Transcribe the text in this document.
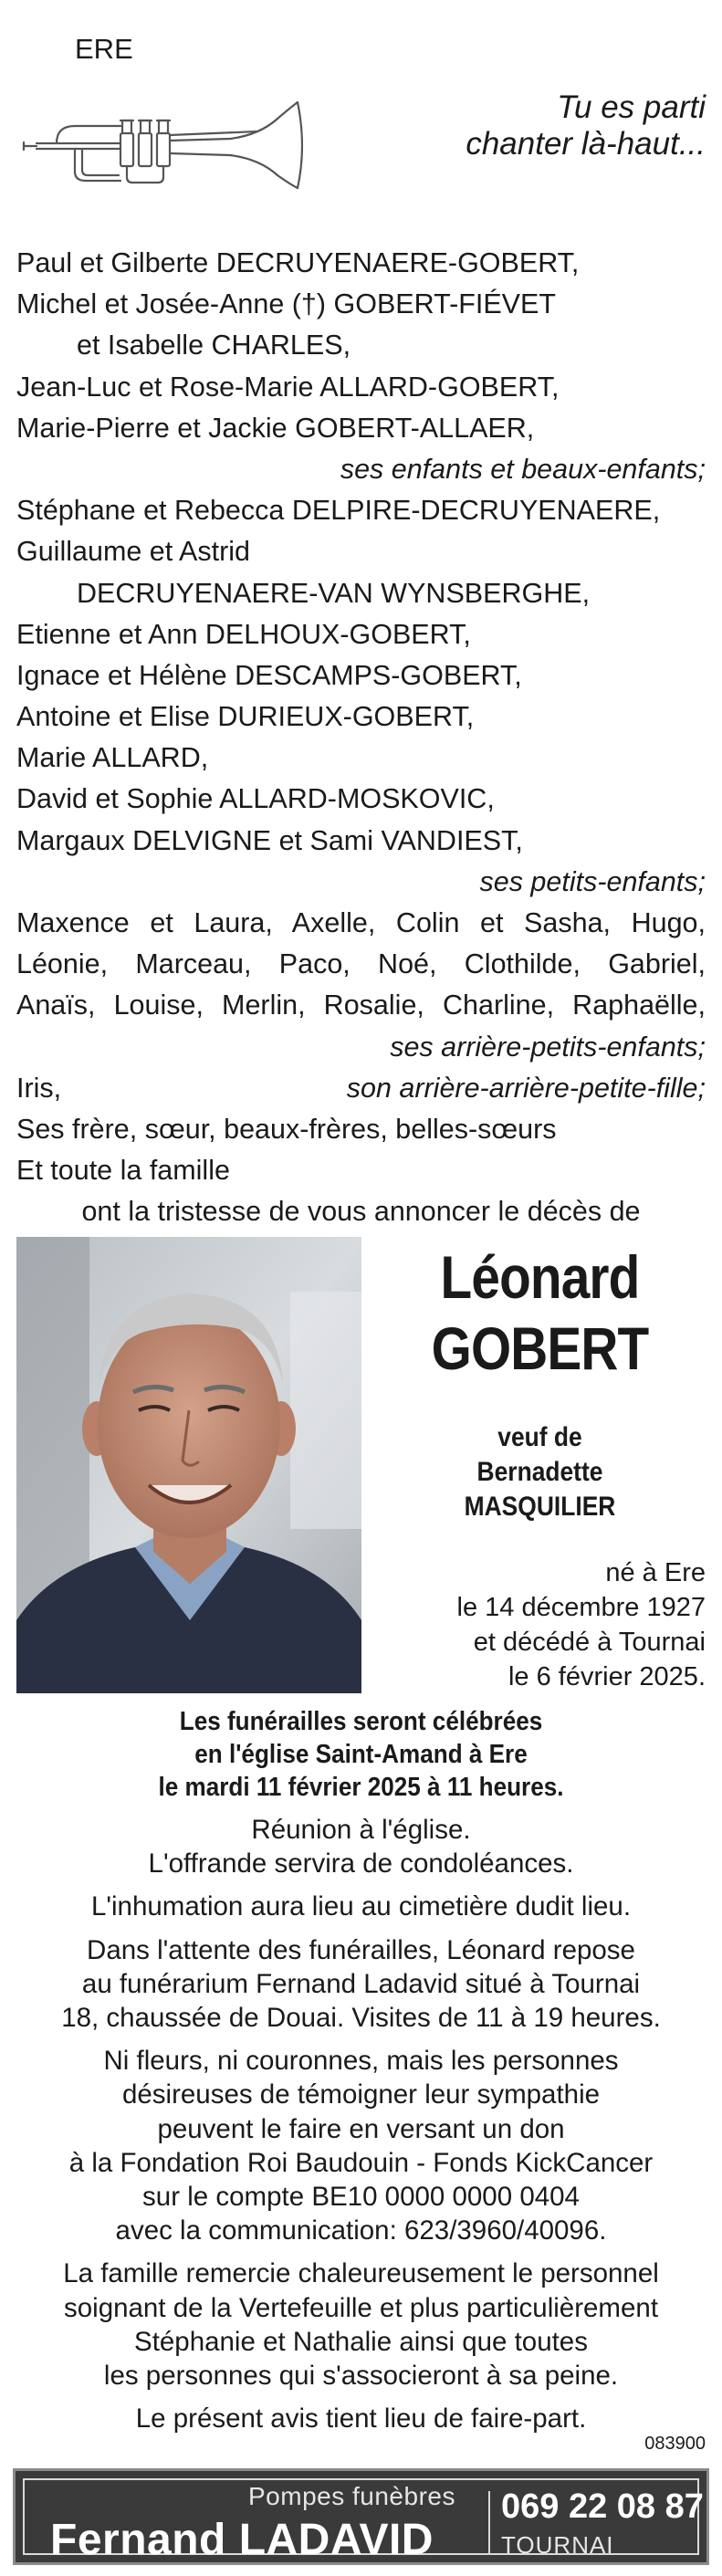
ERE
Tu es parti
chanter là-haut...
Paul et Gilberte DECRUYENAERE-GOBERT,
Michel et Josée-Anne (†) GOBERT-FIÉVET
et Isabelle CHARLES,
Jean-Luc et Rose-Marie ALLARD-GOBERT,
Marie-Pierre et Jackie GOBERT-ALLAER,
ses enfants et beaux-enfants;
Stéphane et Rebecca DELPIRE-DECRUYENAERE,
Guillaume et Astrid
DECRUYENAERE-VAN WYNSBERGHE,
Etienne et Ann DELHOUX-GOBERT,
Ignace et Hélène DESCAMPS-GOBERT,
Antoine et Elise DURIEUX-GOBERT,
Marie ALLARD,
David et Sophie ALLARD-MOSKOVIC,
Margaux DELVIGNE et Sami VANDIEST,
ses petits-enfants;
Maxence et Laura, Axelle, Colin et Sasha, Hugo,
Léonie, Marceau, Paco, Noé, Clothilde, Gabriel,
Anaïs, Louise, Merlin, Rosalie, Charline, Raphaëlle,
ses arrière-petits-enfants;
Iris,	son arrière-arrière-petite-fille;
Ses frère, sœur, beaux-frères, belles-sœurs
Et toute la famille
ont la tristesse de vous annoncer le décès de
Léonard
GOBERT
veuf de
Bernadette
MASQUILIER
né à Ere
le 14 décembre 1927
et décédé à Tournai
le 6 février 2025.
Les funérailles seront célébrées
en l'église Saint-Amand à Ere
le mardi 11 février 2025 à 11 heures.

Réunion à l'église.

L'offrande servira de condoléances.

L'inhumation aura lieu au cimetière dudit lieu.

Dans l'attente des funérailles, Léonard repose

au funérarium Fernand Ladavid situé à Tournai

18, chaussée de Douai. Visites de 11 à 19 heures.

Ni fleurs, ni couronnes, mais les personnes

désireuses de témoigner leur sympathie

peuvent le faire en versant un don

à la Fondation Roi Baudouin - Fonds KickCancer

sur le compte BE10 0000 0000 0404

avec la communication: 623/3960/40096.

La famille remercie chaleureusement le personnel

soignant de la Vertefeuille et plus particulièrement

Stéphanie et Nathalie ainsi que toutes

les personnes qui s'associeront à sa peine.

Le présent avis tient lieu de faire-part.

083900
Pompes funèbres
Fernand LADAVID
069 22 08 87
TOURNAI
